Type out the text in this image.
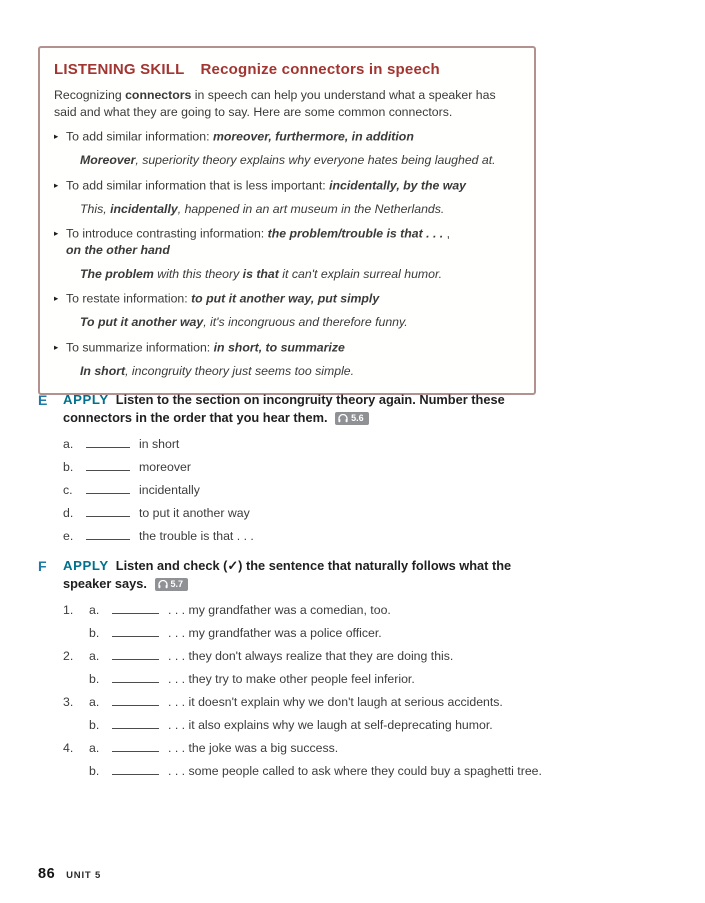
LISTENING SKILL Recognize connectors in speech
Recognizing connectors in speech can help you understand what a speaker has said and what they are going to say. Here are some common connectors.
▸ To add similar information: moreover, furthermore, in addition
Moreover, superiority theory explains why everyone hates being laughed at.
▸ To add similar information that is less important: incidentally, by the way
This, incidentally, happened in an art museum in the Netherlands.
▸ To introduce contrasting information: the problem/trouble is that . . . ,
on the other hand
The problem with this theory is that it can't explain surreal humor.
▸ To restate information: to put it another way, put simply
To put it another way, it's incongruous and therefore funny.
▸ To summarize information: in short, to summarize
In short, incongruity theory just seems too simple.
E	APPLY Listen to the section on incongruity theory again. Number these connectors in the order that you hear them.	5.6
a.	in short
b.	moreover
c.	incidentally
d.	to put it another way
e.	the trouble is that . . .
F	APPLY Listen and check (✓) the sentence that naturally follows what the speaker says.	5.7
1.	a.	. . . my grandfather was a comedian, too.
b.	. . . my grandfather was a police officer.
2.	a.	. . . they don't always realize that they are doing this.
b.	. . . they try to make other people feel inferior.
3.	a.	. . . it doesn't explain why we don't laugh at serious accidents.
b.	. . . it also explains why we laugh at self-deprecating humor.
4.	a.	. . . the joke was a big success.
b.	. . . some people called to ask where they could buy a spaghetti tree.
86 UNIT 5
